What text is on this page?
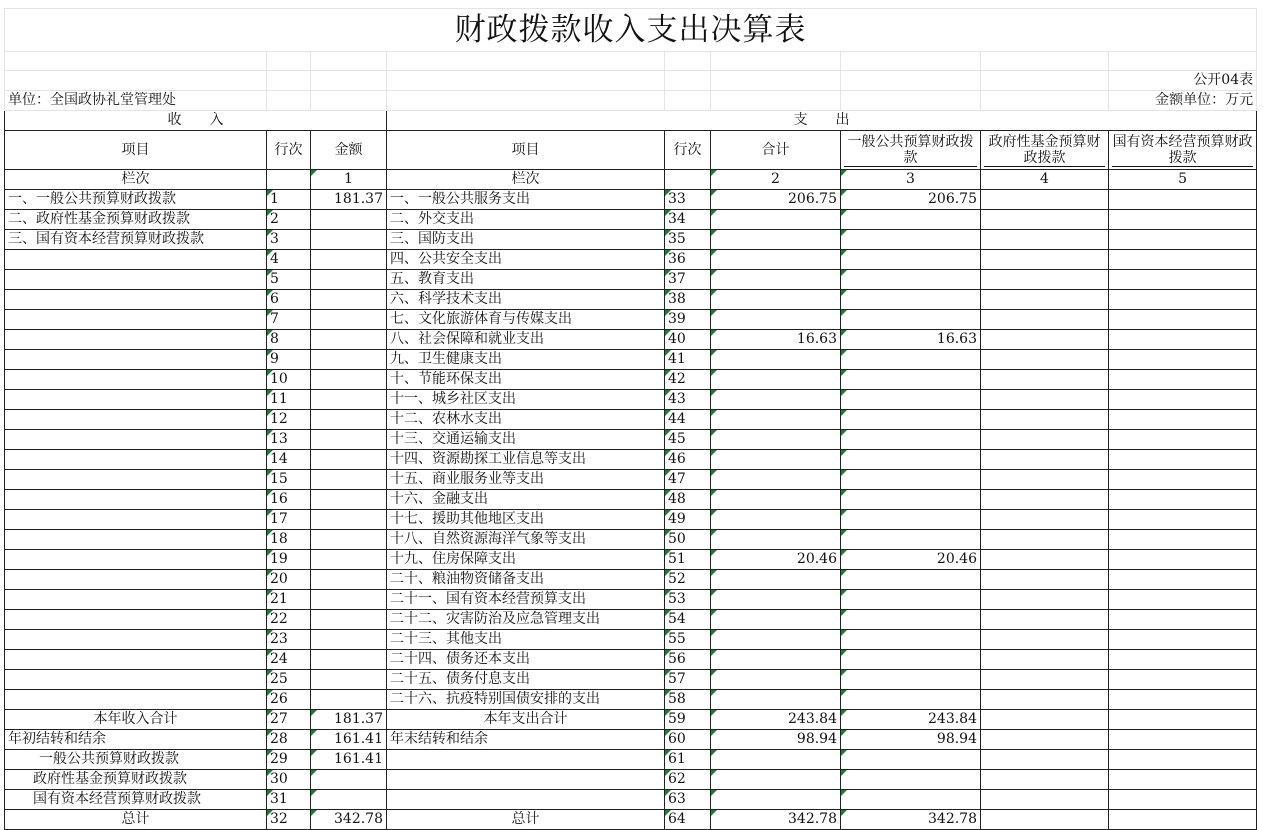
财政拨款收入支出决算表								

								公开04表
单位：全国政协礼堂管理处								金额单位：万元
收　　入			支　　出					
项目	行次	金额	项目	行次	合计	一般公共预算财政拨款	政府性基金预算财政拨款	国有资本经营预算财政拨款
栏次		1	栏次		2	3	4	5
一、一般公共预算财政拨款	1	181.37	一、一般公共服务支出	33	206.75	206.75		
二、政府性基金预算财政拨款	2		二、外交支出	34				
三、国有资本经营预算财政拨款	3		三、国防支出	35				
	4		四、公共安全支出	36				
	5		五、教育支出	37				
	6		六、科学技术支出	38				
	7		七、文化旅游体育与传媒支出	39				
	8		八、社会保障和就业支出	40	16.63	16.63		
	9		九、卫生健康支出	41				
	10		十、节能环保支出	42				
	11		十一、城乡社区支出	43				
	12		十二、农林水支出	44				
	13		十三、交通运输支出	45				
	14		十四、资源勘探工业信息等支出	46				
	15		十五、商业服务业等支出	47				
	16		十六、金融支出	48				
	17		十七、援助其他地区支出	49				
	18		十八、自然资源海洋气象等支出	50				
	19		十九、住房保障支出	51	20.46	20.46		
	20		二十、粮油物资储备支出	52				
	21		二十一、国有资本经营预算支出	53				
	22		二十二、灾害防治及应急管理支出	54				
	23		二十三、其他支出	55				
	24		二十四、债务还本支出	56				
	25		二十五、债务付息支出	57				
	26		二十六、抗疫特别国债安排的支出	58				
本年收入合计	27	181.37	本年支出合计	59	243.84	243.84		
年初结转和结余	28	161.41	年末结转和结余	60	98.94	98.94		
一般公共预算财政拨款	29	161.41		61				
政府性基金预算财政拨款	30			62				
国有资本经营预算财政拨款	31			63				
总计	32	342.78	总计	64	342.78	342.78		
